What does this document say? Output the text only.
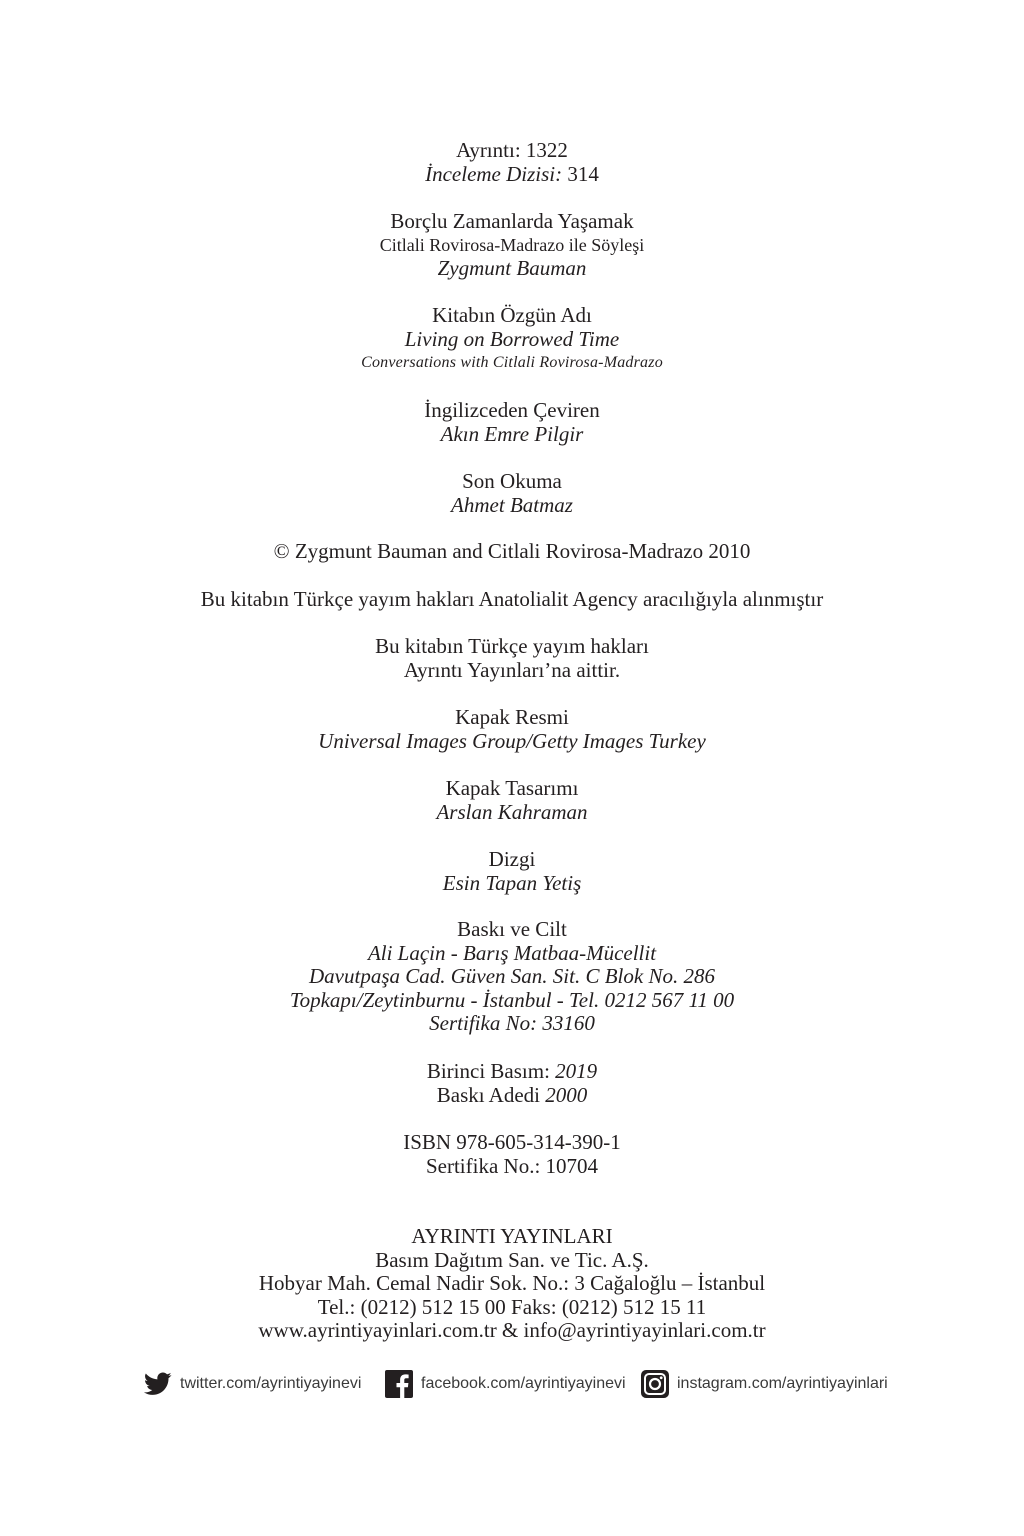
Ayrıntı: 1322
İnceleme Dizisi: 314
Borçlu Zamanlarda Yaşamak
Citlali Rovirosa-Madrazo ile Söyleşi
Zygmunt Bauman
Kitabın Özgün Adı
Living on Borrowed Time
Conversations with Citlali Rovirosa-Madrazo
İngilizceden Çeviren
Akın Emre Pilgir
Son Okuma
Ahmet Batmaz
© Zygmunt Bauman and Citlali Rovirosa-Madrazo 2010
Bu kitabın Türkçe yayım hakları Anatolialit Agency aracılığıyla alınmıştır
Bu kitabın Türkçe yayım hakları
Ayrıntı Yayınları’na aittir.
Kapak Resmi
Universal Images Group/Getty Images Turkey
Kapak Tasarımı
Arslan Kahraman
Dizgi
Esin Tapan Yetiş
Baskı ve Cilt
Ali Laçin - Barış Matbaa-Mücellit
Davutpaşa Cad. Güven San. Sit. C Blok No. 286
Topkapı/Zeytinburnu - İstanbul - Tel. 0212 567 11 00
Sertifika No: 33160
Birinci Basım: 2019
Baskı Adedi 2000
ISBN 978-605-314-390-1
Sertifika No.: 10704
AYRINTI YAYINLARI
Basım Dağıtım San. ve Tic. A.Ş.
Hobyar Mah. Cemal Nadir Sok. No.: 3 Cağaloğlu – İstanbul
Tel.: (0212) 512 15 00 Faks: (0212) 512 15 11
www.ayrintiyayinlari.com.tr & info@ayrintiyayinlari.com.tr
twitter.com/ayrintiyayinevi	facebook.com/ayrintiyayinevi	instagram.com/ayrintiyayinlari
